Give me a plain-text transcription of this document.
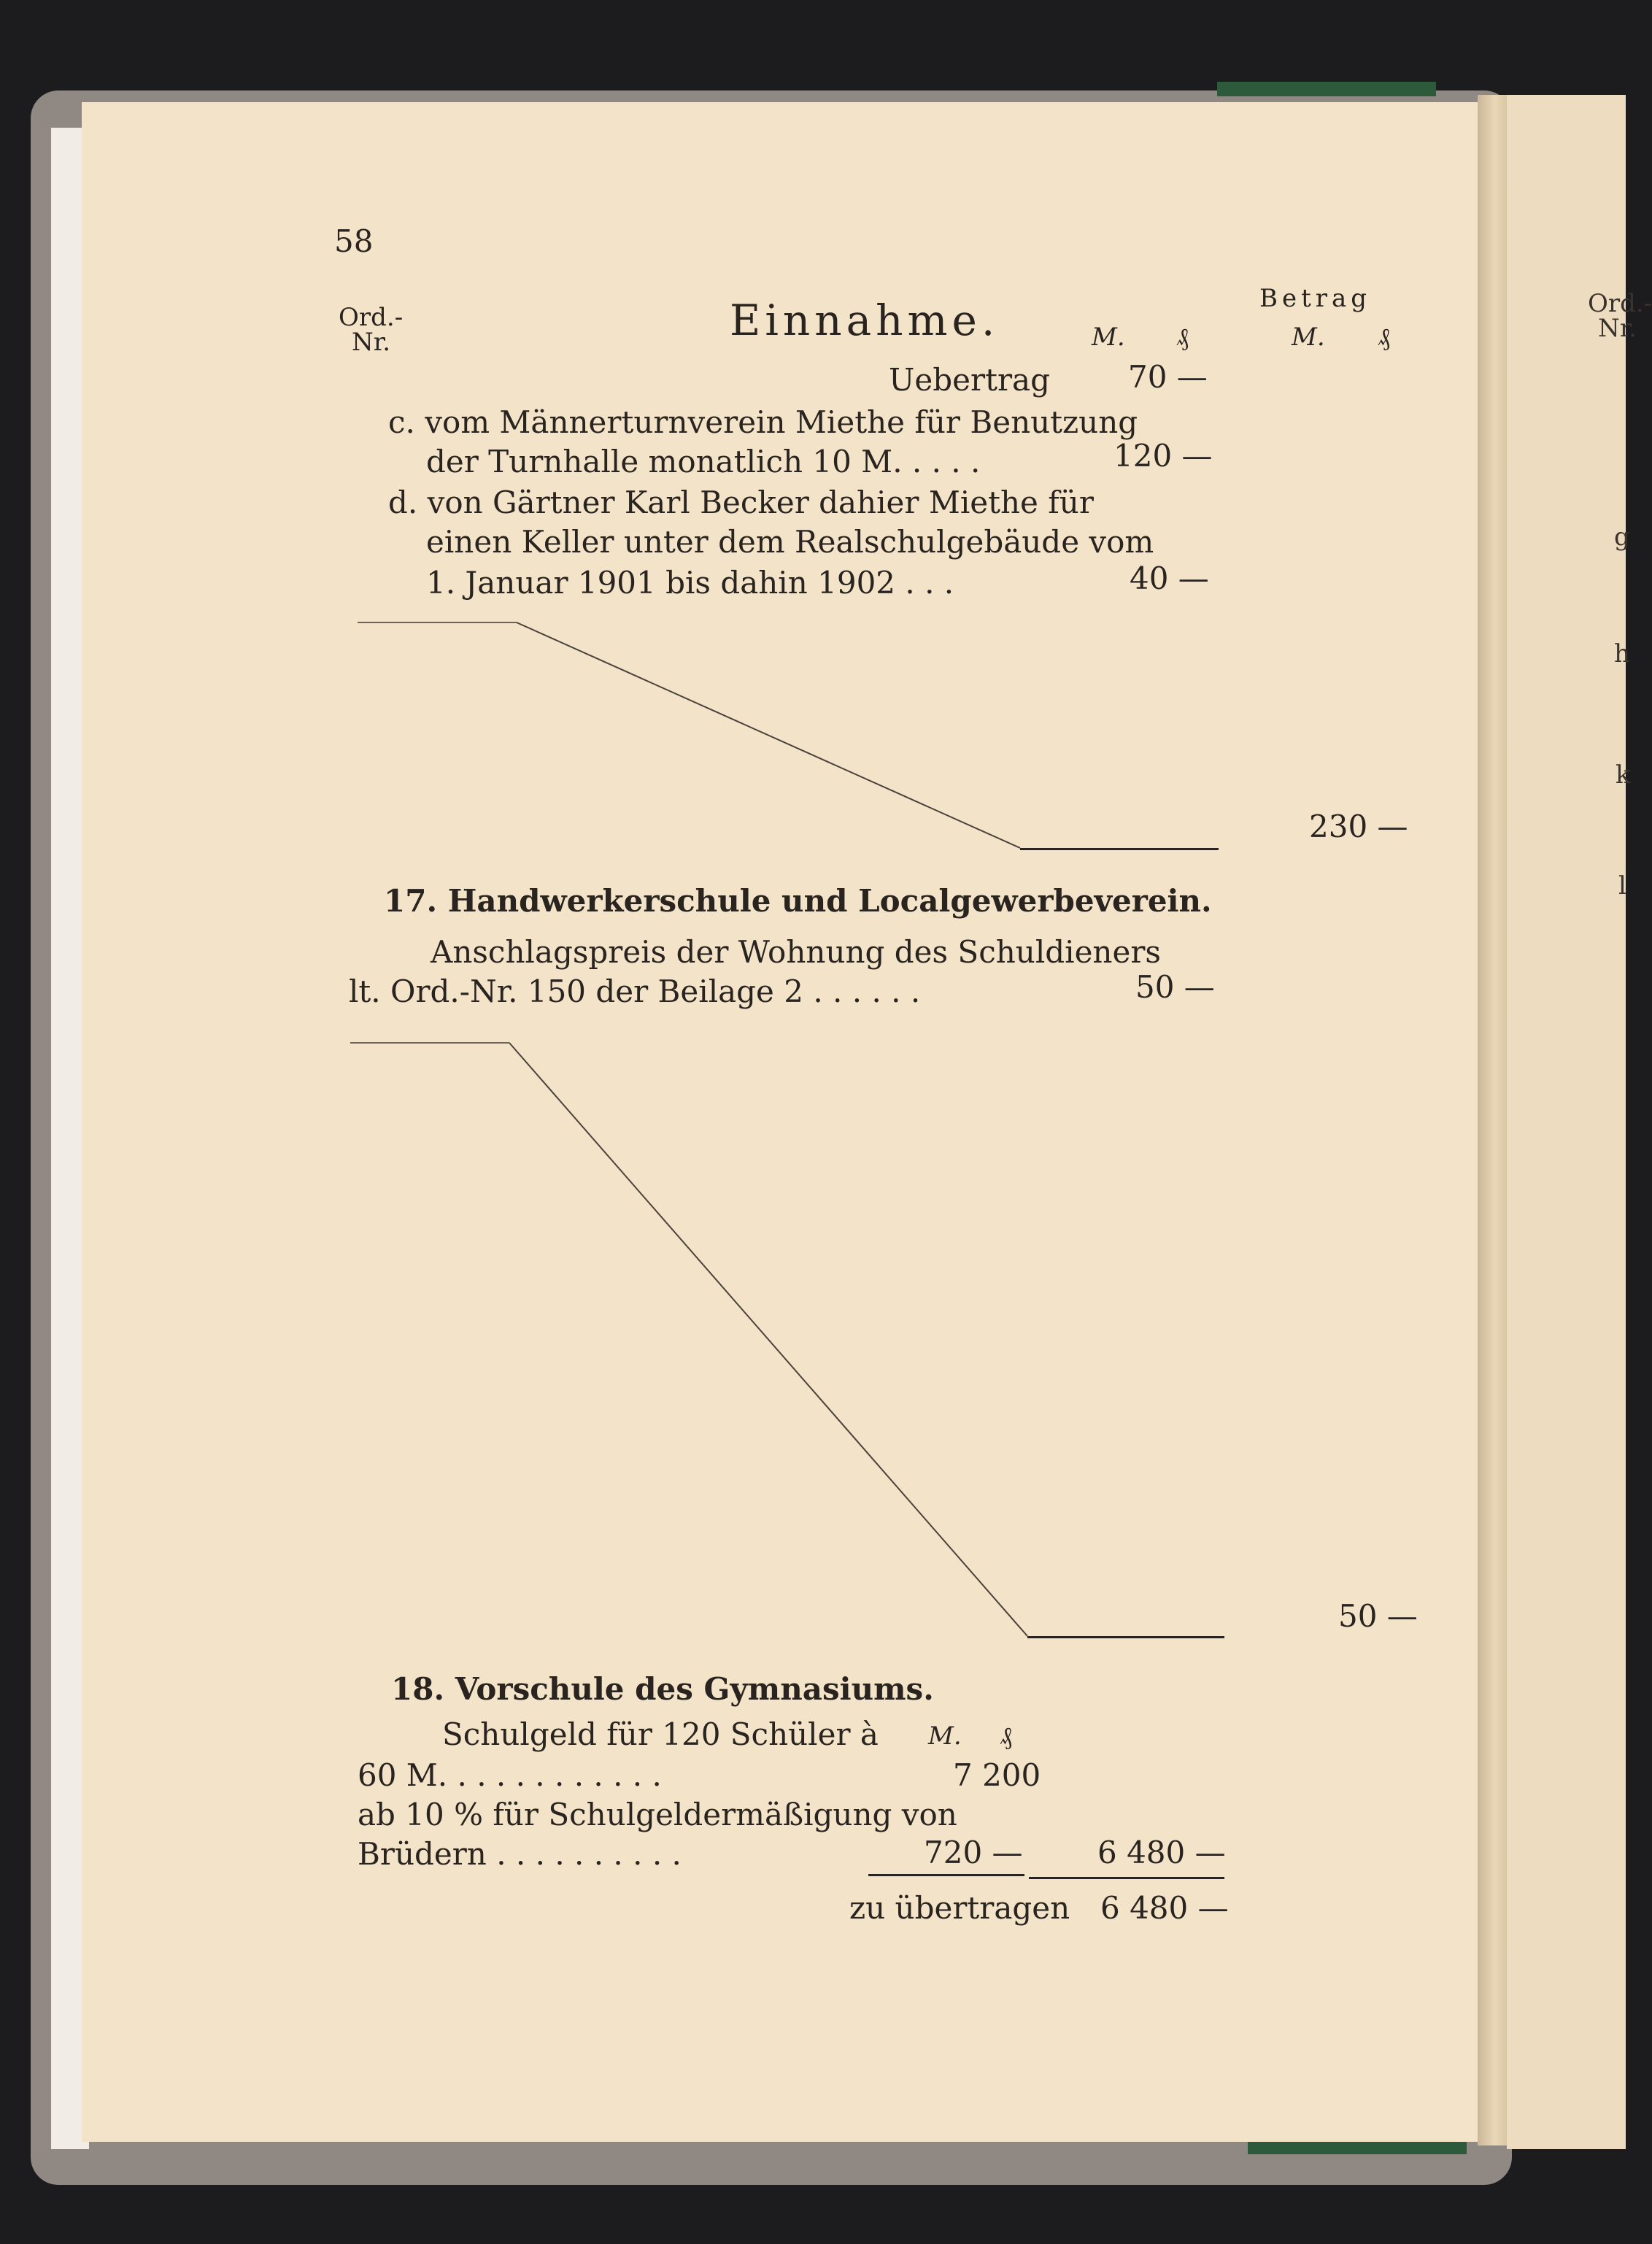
58
Ord.-
Nr.	Einnahme.	M. ₰
Betrag
M. ₰
Uebertrag	70 —
c. vom Männerturnverein Miethe für Benutzung
der Turnhalle monatlich 10 M. . . . .	120 —
d. von Gärtner Karl Becker dahier Miethe für
einen Keller unter dem Realschulgebäude vom
1. Januar 1901 bis dahin 1902 . . .	40 —
230 —
17. Handwerkerschule und Localgewerbeverein.
Anschlagspreis der Wohnung des Schuldieners
lt. Ord.-Nr. 150 der Beilage 2 . . . . . .	50 —
50 —
18. Vorschule des Gymnasiums.
Schulgeld für 120 Schüler à M. ₰
60 M. . . . . . . . . . . .	7 200
ab 10 % für Schulgeldermäßigung von
Brüdern . . . . . . . . . .	720 — 6 480 —
zu übertragen 6 480 —
Ord.-
Nr.
g
h
k
l
